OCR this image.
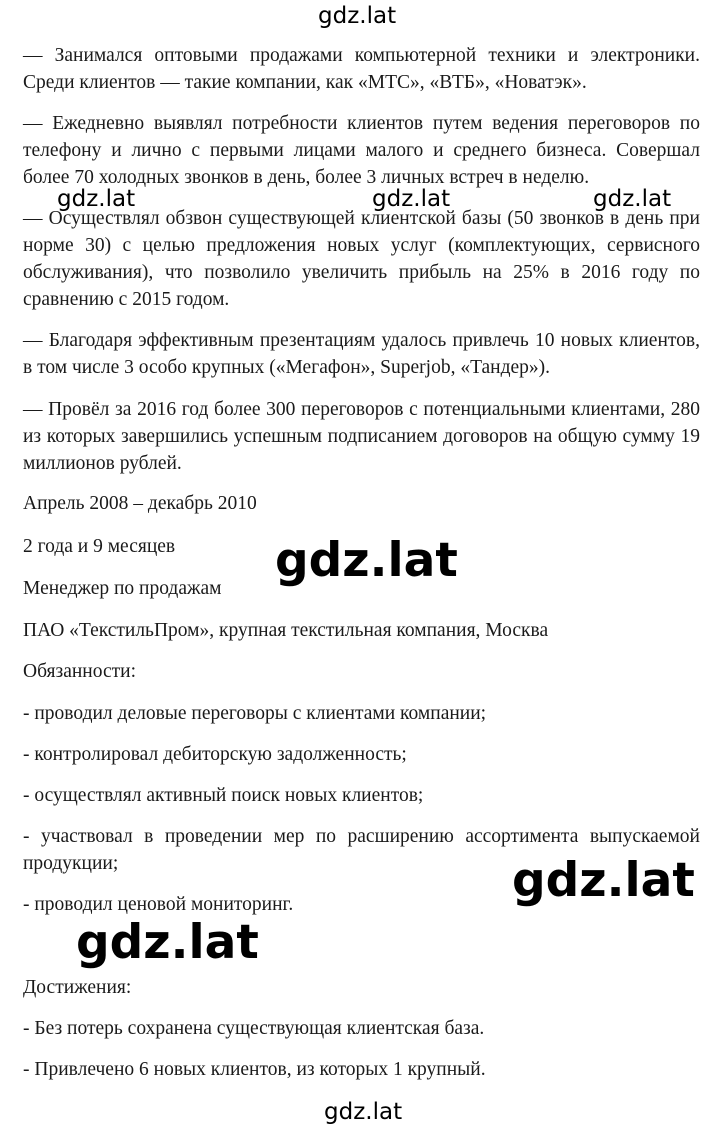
gdz.lat

— Занимался оптовыми продажами компьютерной техники и электроники. Среди клиентов — такие компании, как «МТС», «ВТБ», «Новатэк».

— Ежедневно выявлял потребности клиентов путем ведения переговоров по телефону и лично с первыми лицами малого и среднего бизнеса. Совершал более 70 холодных звонков в день, более 3 личных встреч в неделю.

— Осуществлял обзвон существующей клиентской базы (50 звонков в день при норме 30) с целью предложения новых услуг (комплектующих, сервисного обслуживания), что позволило увеличить прибыль на 25% в 2016 году по сравнению с 2015 годом.

— Благодаря эффективным презентациям удалось привлечь 10 новых клиентов, в том числе 3 особо крупных («Мегафон», Superjob, «Тандер»).

— Провёл за 2016 год более 300 переговоров с потенциальными клиентами, 280 из которых завершились успешным подписанием договоров на общую сумму 19 миллионов рублей.

Апрель 2008 – декабрь 2010

2 года и 9 месяцев

Менеджер по продажам

ПАО «ТекстильПром», крупная текстильная компания, Москва

Обязанности:

- проводил деловые переговоры с клиентами компании;

- контролировал дебиторскую задолженность;

- осуществлял активный поиск новых клиентов;

- участвовал в проведении мер по расширению ассортимента выпускаемой продукции;

- проводил ценовой мониторинг.

Достижения:

- Без потерь сохранена существующая клиентская база.

- Привлечено 6 новых клиентов, из которых 1 крупный.

gdz.lat	gdz.lat	gdz.lat

gdz.lat

gdz.lat

gdz.lat

gdz.lat
